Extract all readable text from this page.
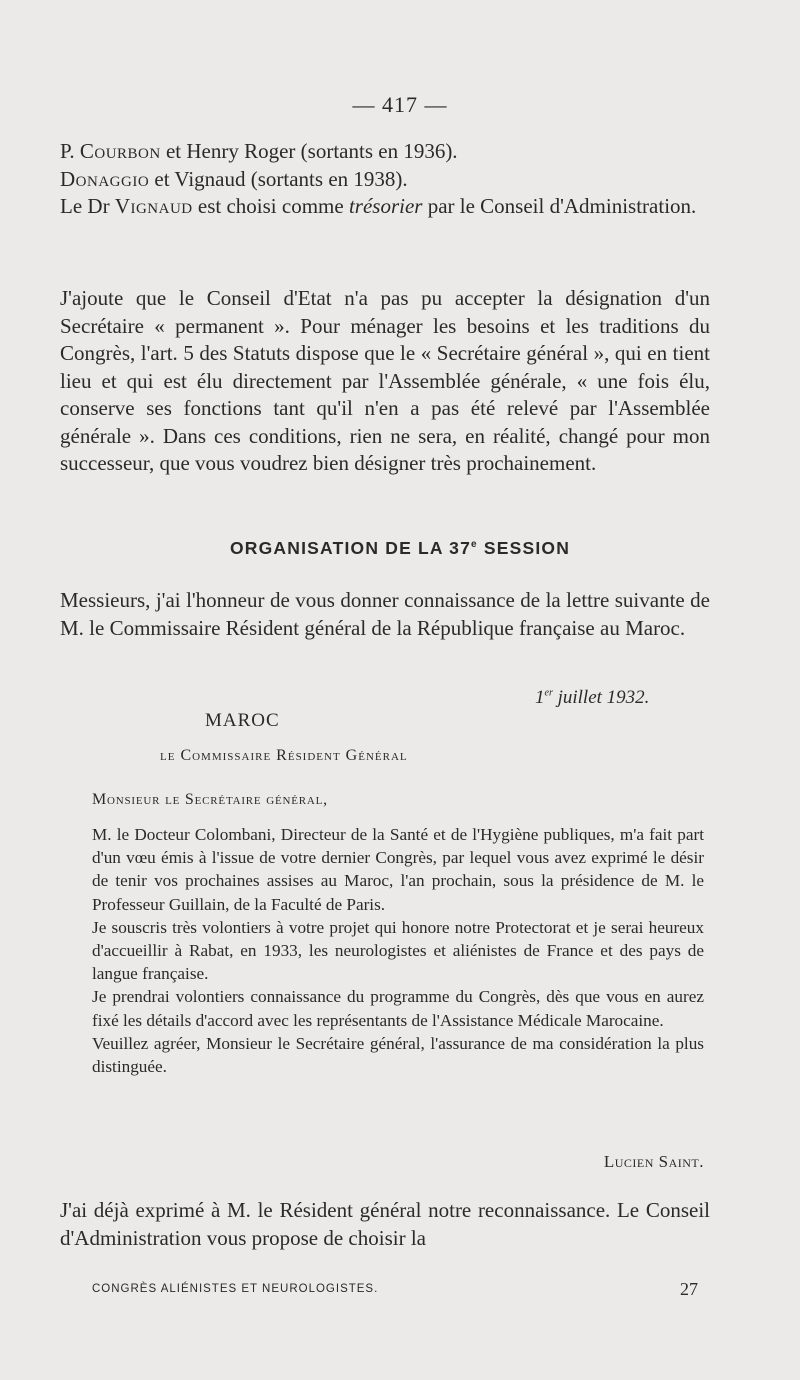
— 417 —

P. Courbon et Henry Roger (sortants en 1936).

Donaggio et Vignaud (sortants en 1938).

Le Dr Vignaud est choisi comme trésorier par le Conseil d'Administration.

J'ajoute que le Conseil d'Etat n'a pas pu accepter la désignation d'un Secrétaire « permanent ». Pour ménager les besoins et les traditions du Congrès, l'art. 5 des Statuts dispose que le « Secrétaire général », qui en tient lieu et qui est élu directement par l'Assemblée générale, « une fois élu, conserve ses fonctions tant qu'il n'en a pas été relevé par l'Assemblée générale ». Dans ces conditions, rien ne sera, en réalité, changé pour mon successeur, que vous voudrez bien désigner très prochainement.

ORGANISATION DE LA 37e SESSION

Messieurs, j'ai l'honneur de vous donner connaissance de la lettre suivante de M. le Commissaire Résident général de la République française au Maroc.

1er juillet 1932.
MAROC
le Commissaire Résident Général
Monsieur le Secrétaire général,

M. le Docteur Colombani, Directeur de la Santé et de l'Hygiène publiques, m'a fait part d'un vœu émis à l'issue de votre dernier Congrès, par lequel vous avez exprimé le désir de tenir vos prochaines assises au Maroc, l'an prochain, sous la présidence de M. le Professeur Guillain, de la Faculté de Paris.

Je souscris très volontiers à votre projet qui honore notre Protectorat et je serai heureux d'accueillir à Rabat, en 1933, les neurologistes et aliénistes de France et des pays de langue française.

Je prendrai volontiers connaissance du programme du Congrès, dès que vous en aurez fixé les détails d'accord avec les représentants de l'Assistance Médicale Marocaine.

Veuillez agréer, Monsieur le Secrétaire général, l'assurance de ma considération la plus distinguée.

Lucien Saint.

J'ai déjà exprimé à M. le Résident général notre reconnaissance. Le Conseil d'Administration vous propose de choisir la

CONGRÈS ALIÉNISTES ET NEUROLOGISTES.	27
